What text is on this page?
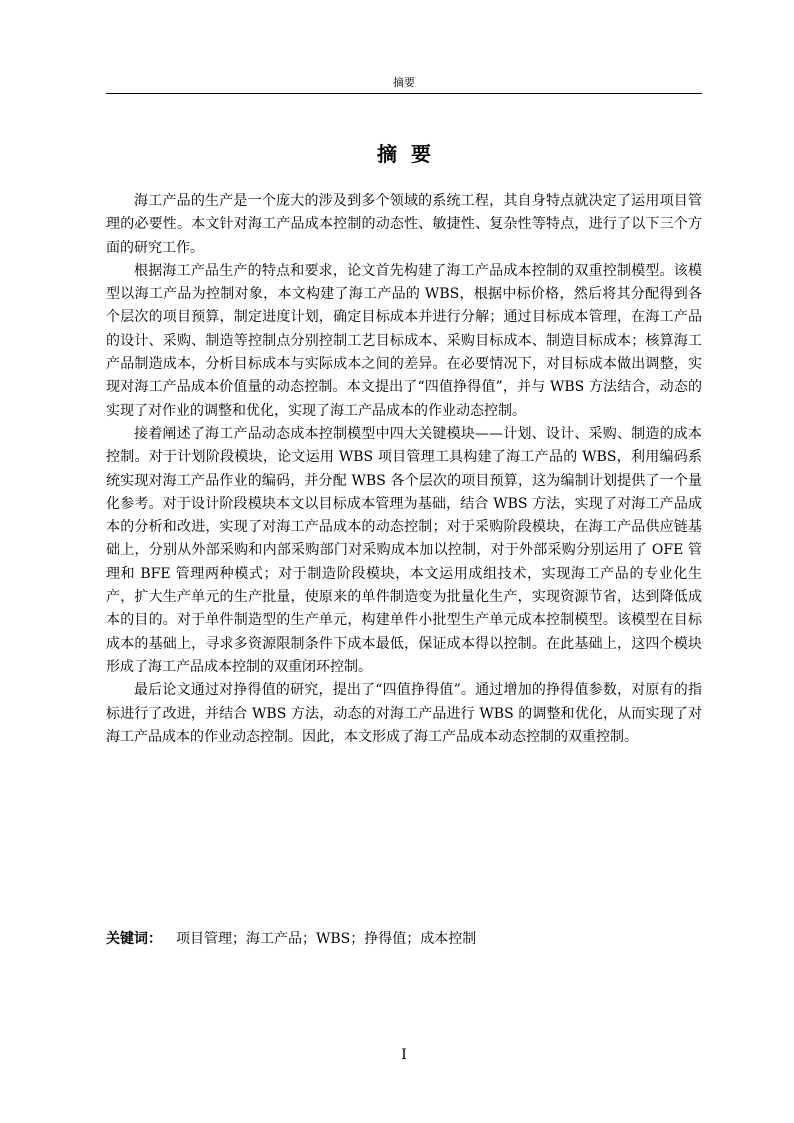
摘要
摘要

海工产品的生产是一个庞大的涉及到多个领域的系统工程，其自身特点就决定了运用项目管理的必要性。本文针对海工产品成本控制的动态性、敏捷性、复杂性等特点，进行了以下三个方面的研究工作。

根据海工产品生产的特点和要求，论文首先构建了海工产品成本控制的双重控制模型。该模型以海工产品为控制对象，本文构建了海工产品的 WBS，根据中标价格，然后将其分配得到各个层次的项目预算，制定进度计划，确定目标成本并进行分解；通过目标成本管理，在海工产品的设计、采购、制造等控制点分别控制工艺目标成本、采购目标成本、制造目标成本；核算海工产品制造成本，分析目标成本与实际成本之间的差异。在必要情况下，对目标成本做出调整，实现对海工产品成本价值量的动态控制。本文提出了“四值挣得值”，并与 WBS 方法结合，动态的实现了对作业的调整和优化，实现了海工产品成本的作业动态控制。

接着阐述了海工产品动态成本控制模型中四大关键模块——计划、设计、采购、制造的成本控制。对于计划阶段模块，论文运用 WBS 项目管理工具构建了海工产品的 WBS，利用编码系统实现对海工产品作业的编码，并分配 WBS 各个层次的项目预算，这为编制计划提供了一个量化参考。对于设计阶段模块本文以目标成本管理为基础，结合 WBS 方法，实现了对海工产品成本的分析和改进，实现了对海工产品成本的动态控制；对于采购阶段模块，在海工产品供应链基础上，分别从外部采购和内部采购部门对采购成本加以控制，对于外部采购分别运用了 OFE 管理和 BFE 管理两种模式；对于制造阶段模块，本文运用成组技术，实现海工产品的专业化生产，扩大生产单元的生产批量，使原来的单件制造变为批量化生产，实现资源节省，达到降低成本的目的。对于单件制造型的生产单元，构建单件小批型生产单元成本控制模型。该模型在目标成本的基础上，寻求多资源限制条件下成本最低，保证成本得以控制。在此基础上，这四个模块形成了海工产品成本控制的双重闭环控制。

最后论文通过对挣得值的研究，提出了“四值挣得值”。通过增加的挣得值参数，对原有的指标进行了改进，并结合 WBS 方法，动态的对海工产品进行 WBS 的调整和优化，从而实现了对海工产品成本的作业动态控制。因此，本文形成了海工产品成本动态控制的双重控制。

关键词： 项目管理；海工产品；WBS；挣得值；成本控制
I
